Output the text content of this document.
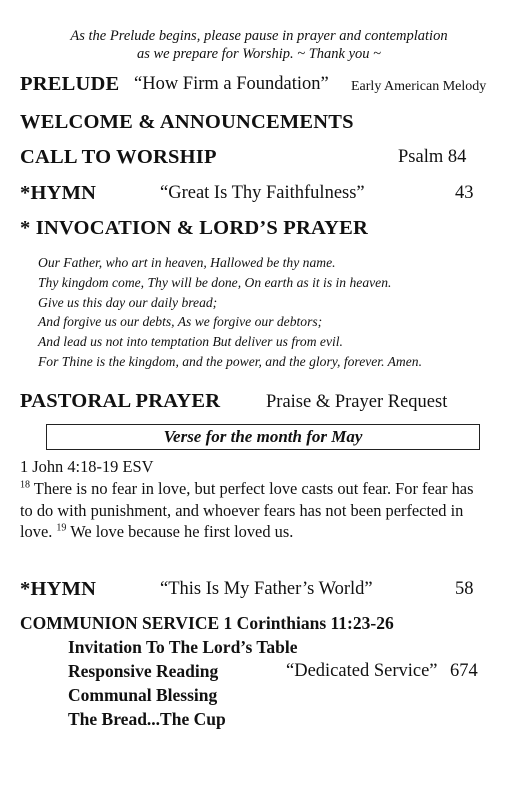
As the Prelude begins, please pause in prayer and contemplation
as we prepare for Worship. ~ Thank you ~
PRELUDE “How Firm a Foundation” Early American Melody
WELCOME & ANNOUNCEMENTS
CALL TO WORSHIP	Psalm 84
*HYMN	“Great Is Thy Faithfulness”	43
* INVOCATION & LORD’S PRAYER
Our Father, who art in heaven, Hallowed be thy name.
Thy kingdom come, Thy will be done, On earth as it is in heaven.
Give us this day our daily bread;
And forgive us our debts, As we forgive our debtors;
And lead us not into temptation But deliver us from evil.
For Thine is the kingdom, and the power, and the glory, forever. Amen.
PASTORAL PRAYER Praise & Prayer Request
Verse for the month for May
1 John 4:18-19 ESV
$^{18}$ There is no fear in love, but perfect love casts out fear. For fear has to do with punishment, and whoever fears has not been perfected in love. $^{19}$ We love because he first loved us.
*HYMN	“This Is My Father’s World”	58
COMMUNION SERVICE 1 Corinthians 11:23-26
Invitation To The Lord’s Table
Responsive Reading	“Dedicated Service” 674
Communal Blessing
The Bread...The Cup
